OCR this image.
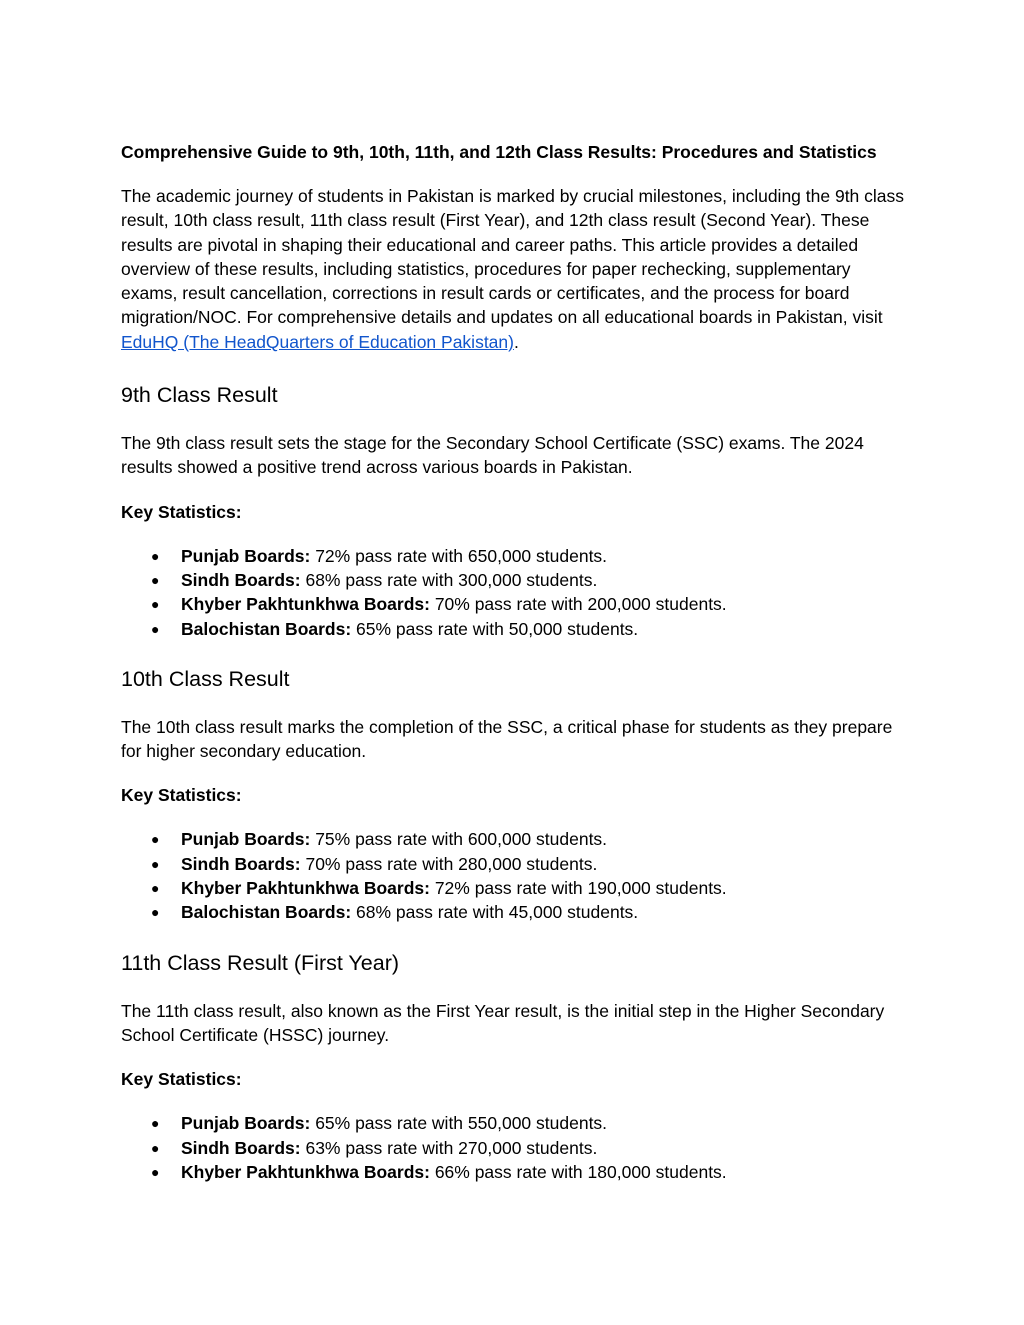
Comprehensive Guide to 9th, 10th, 11th, and 12th Class Results: Procedures and Statistics

The academic journey of students in Pakistan is marked by crucial milestones, including the 9th class result, 10th class result, 11th class result (First Year), and 12th class result (Second Year). These results are pivotal in shaping their educational and career paths. This article provides a detailed overview of these results, including statistics, procedures for paper rechecking, supplementary exams, result cancellation, corrections in result cards or certificates, and the process for board migration/NOC. For comprehensive details and updates on all educational boards in Pakistan, visit EduHQ (The HeadQuarters of Education Pakistan).

9th Class Result

The 9th class result sets the stage for the Secondary School Certificate (SSC) exams. The 2024 results showed a positive trend across various boards in Pakistan.

Key Statistics:
● Punjab Boards: 72% pass rate with 650,000 students.
● Sindh Boards: 68% pass rate with 300,000 students.
● Khyber Pakhtunkhwa Boards: 70% pass rate with 200,000 students.
● Balochistan Boards: 65% pass rate with 50,000 students.
10th Class Result

The 10th class result marks the completion of the SSC, a critical phase for students as they prepare for higher secondary education.

Key Statistics:
● Punjab Boards: 75% pass rate with 600,000 students.
● Sindh Boards: 70% pass rate with 280,000 students.
● Khyber Pakhtunkhwa Boards: 72% pass rate with 190,000 students.
● Balochistan Boards: 68% pass rate with 45,000 students.
11th Class Result (First Year)

The 11th class result, also known as the First Year result, is the initial step in the Higher Secondary School Certificate (HSSC) journey.

Key Statistics:
● Punjab Boards: 65% pass rate with 550,000 students.
● Sindh Boards: 63% pass rate with 270,000 students.
● Khyber Pakhtunkhwa Boards: 66% pass rate with 180,000 students.
